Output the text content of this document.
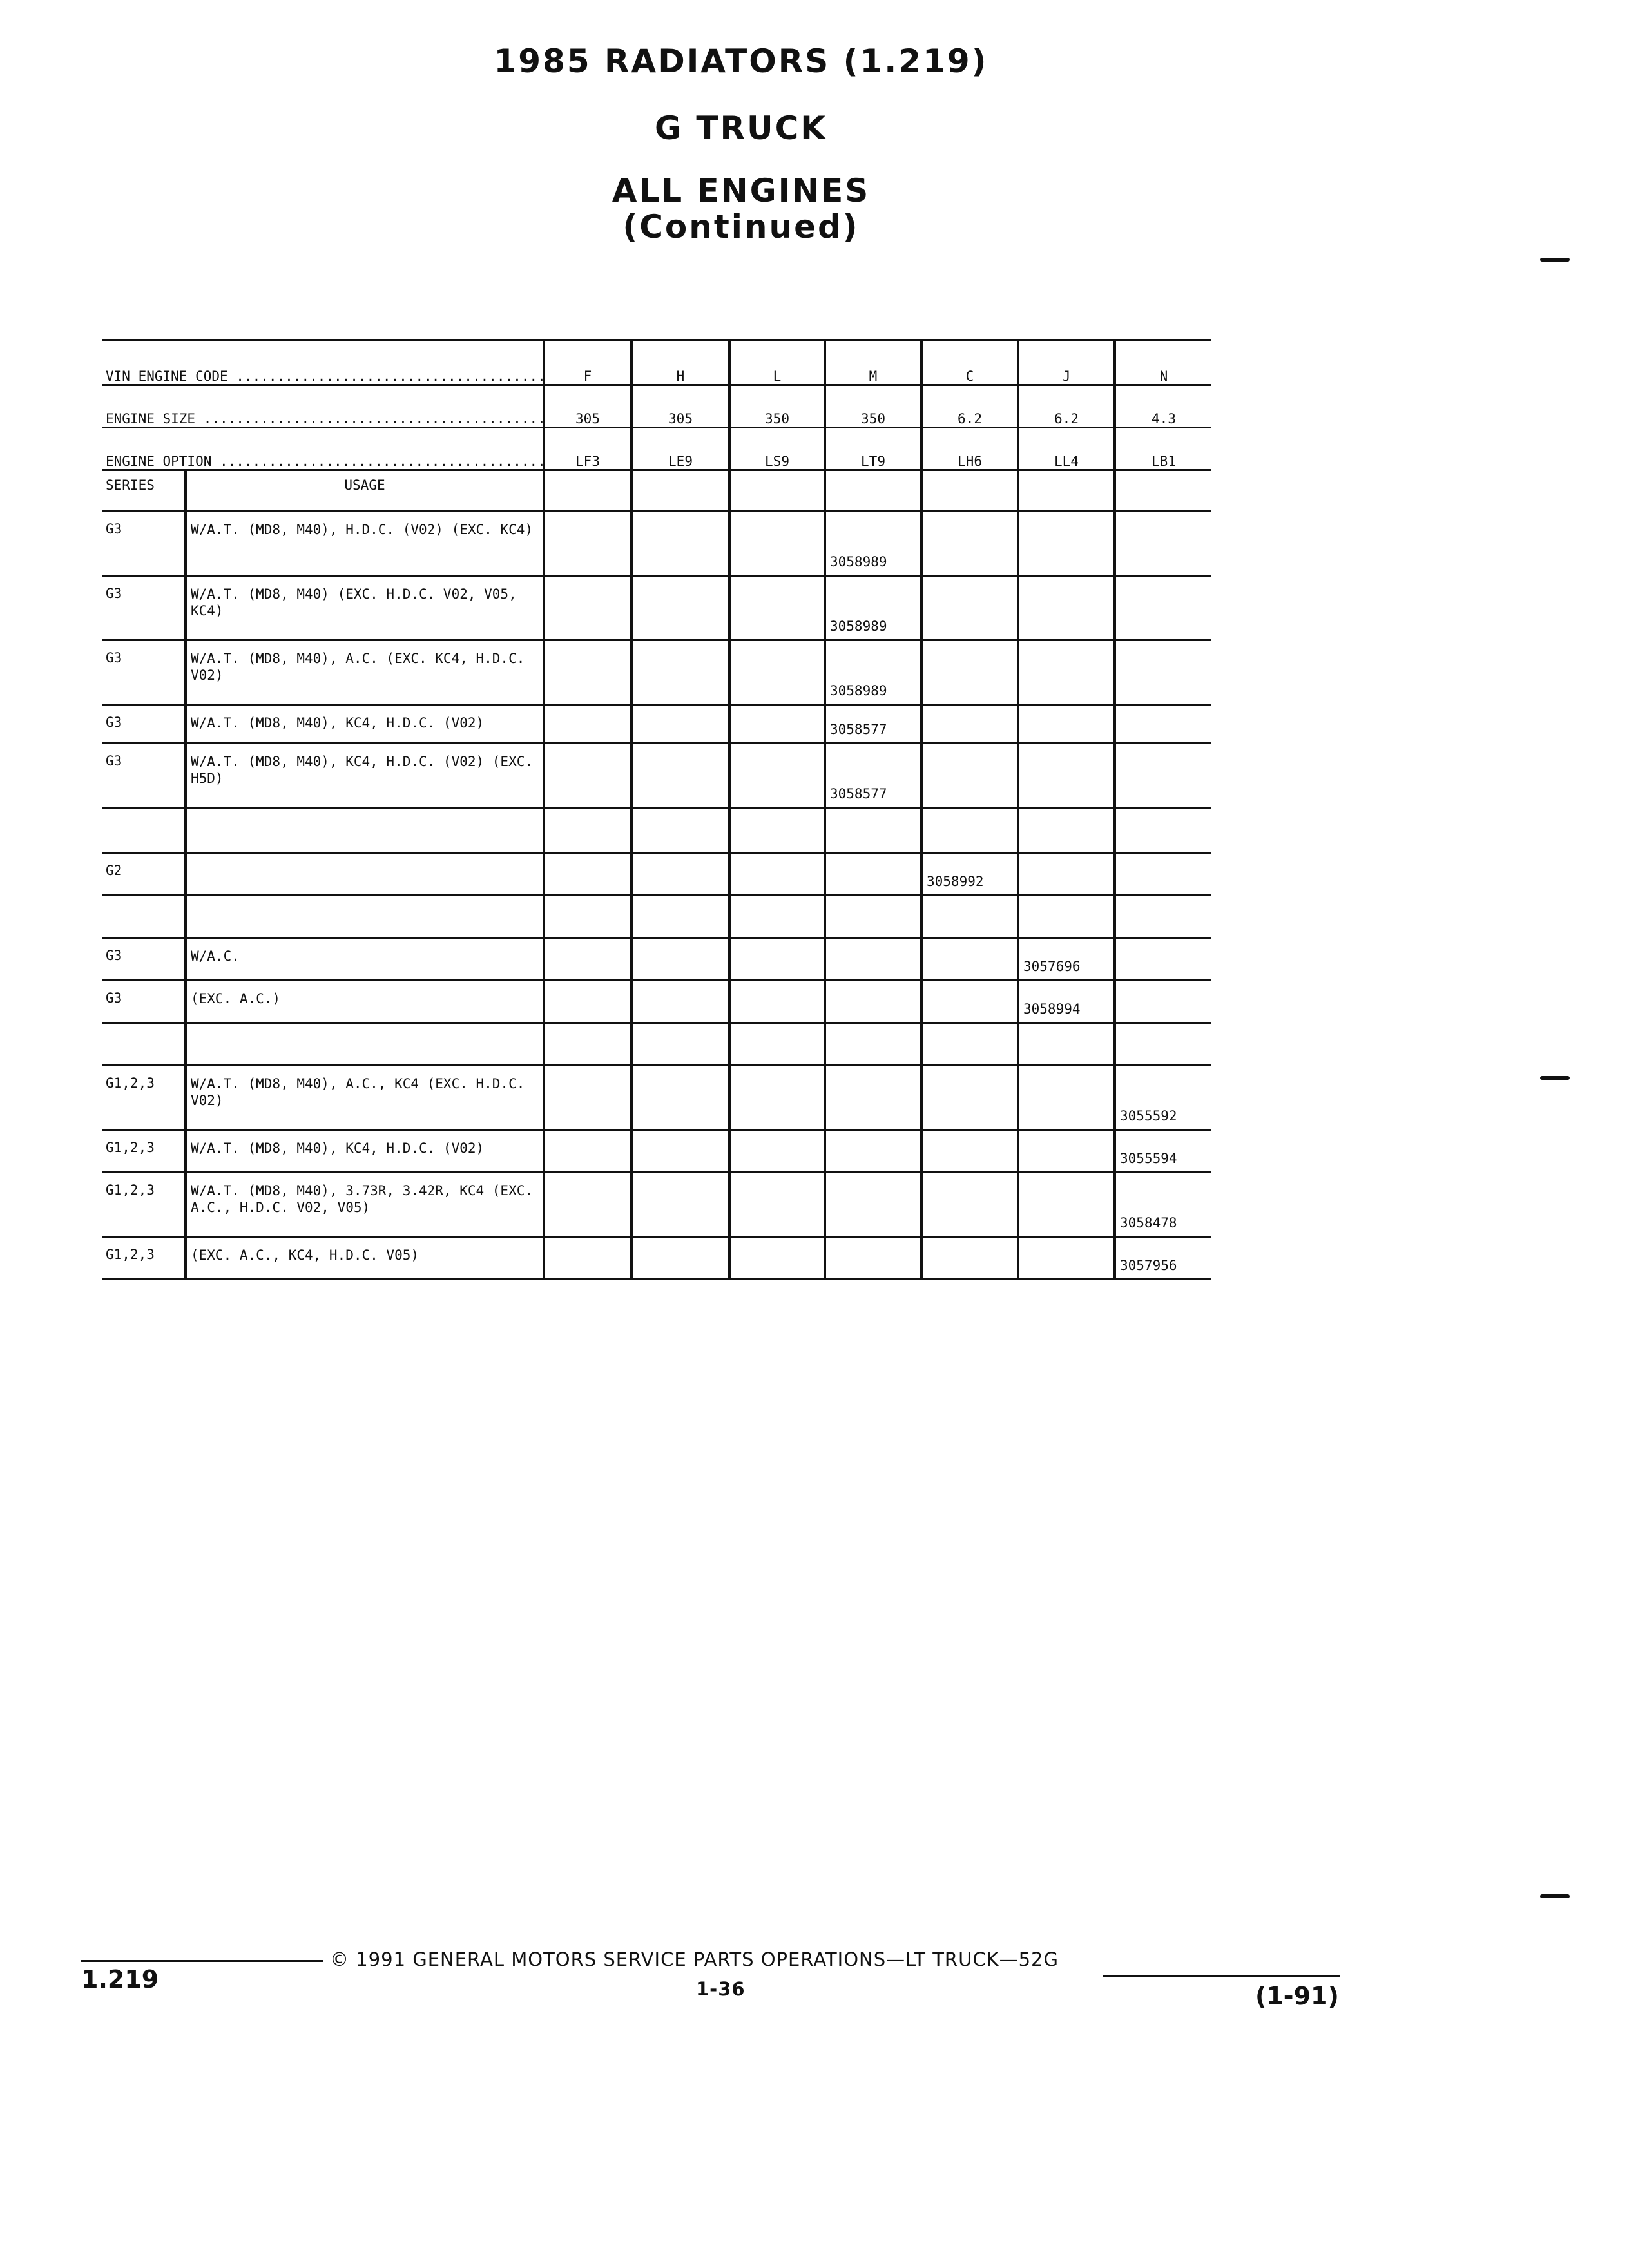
1985 RADIATORS (1.219)
G TRUCK
ALL ENGINES
(Continued)
VIN ENGINE CODE .....		F	H	L	M	C	J	N
ENGINE SIZE .....		305	305	350	350	6.2	6.2	4.3
ENGINE OPTION .....		LF3	LE9	LS9	LT9	LH6	LL4	LB1
SERIES	USAGE							
G3	W/A.T. (MD8, M40), H.D.C. (V02) (EXC. KC4)				3058989			
G3	W/A.T. (MD8, M40) (EXC. H.D.C. V02, V05, KC4)				3058989			
G3	W/A.T. (MD8, M40), A.C. (EXC. KC4, H.D.C. V02)				3058989			
G3	W/A.T. (MD8, M40), KC4, H.D.C. (V02)				3058577			
G3	W/A.T. (MD8, M40), KC4, H.D.C. (V02) (EXC. H5D)				3058577			

G2						3058992		

G3	W/A.C.						3057696	
G3	(EXC. A.C.)						3058994	

G1,2,3	W/A.T. (MD8, M40), A.C., KC4 (EXC. H.D.C. V02)							3055592
G1,2,3	W/A.T. (MD8, M40), KC4, H.D.C. (V02)							3055594
G1,2,3	W/A.T. (MD8, M40), 3.73R, 3.42R, KC4 (EXC. A.C., H.D.C. V02, V05)							3058478
G1,2,3	(EXC. A.C., KC4, H.D.C. V05)							3057956
1.219
© 1991 GENERAL MOTORS SERVICE PARTS OPERATIONS—LT TRUCK—52G
1-36	(1-91)
